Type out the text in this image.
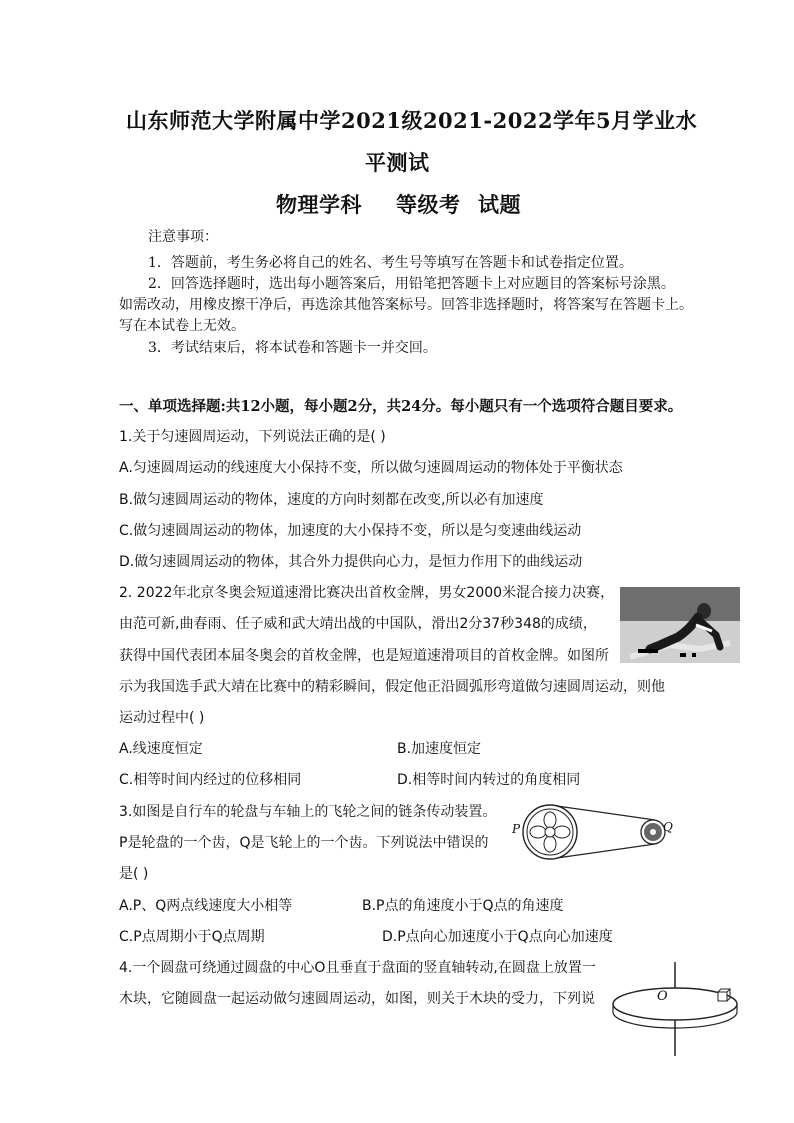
山东师范大学附属中学2021级2021-2022学年5月学业水
平测试
物理学科 等级考 试题
注意事项：
1．答题前，考生务必将自己的姓名、考生号等填写在答题卡和试卷指定位置。
2．回答选择题时，选出每小题答案后，用铅笔把答题卡上对应题目的答案标号涂黑。
如需改动，用橡皮擦干净后，再选涂其他答案标号。回答非选择题时，将答案写在答题卡上。
写在本试卷上无效。
3．考试结束后，将本试卷和答题卡一并交回。
一、单项选择题:共12小题，每小题2分，共24分。每小题只有一个选项符合题目要求。
1.关于匀速圆周运动，下列说法正确的是( )
A.匀速圆周运动的线速度大小保持不变，所以做匀速圆周运动的物体处于平衡状态
B.做匀速圆周运动的物体，速度的方向时刻都在改变,所以必有加速度
C.做匀速圆周运动的物体，加速度的大小保持不变，所以是匀变速曲线运动
D.做匀速圆周运动的物体，其合外力提供向心力，是恒力作用下的曲线运动
2. 2022年北京冬奥会短道速滑比赛决出首枚金牌，男女2000米混合接力决赛，
由范可新,曲春雨、任子威和武大靖出战的中国队，滑出2分37秒348的成绩，
获得中国代表团本届冬奥会的首枚金牌，也是短道速滑项目的首枚金牌。如图所
示为我国选手武大靖在比赛中的精彩瞬间，假定他正沿圆弧形弯道做匀速圆周运动，则他
运动过程中( )
A.线速度恒定	B.加速度恒定
C.相等时间内经过的位移相同	D.相等时间内转过的角度相同
3.如图是自行车的轮盘与车轴上的飞轮之间的链条传动装置。
P是轮盘的一个齿，Q是飞轮上的一个齿。下列说法中错误的
是( )
A.P、Q两点线速度大小相等	B.P点的角速度小于Q点的角速度
C.P点周期小于Q点周期	D.P点向心加速度小于Q点向心加速度
P	Q
4.一个圆盘可绕通过圆盘的中心O且垂直于盘面的竖直轴转动,在圆盘上放置一
木块，它随圆盘一起运动做匀速圆周运动，如图，则关于木块的受力，下列说	O
